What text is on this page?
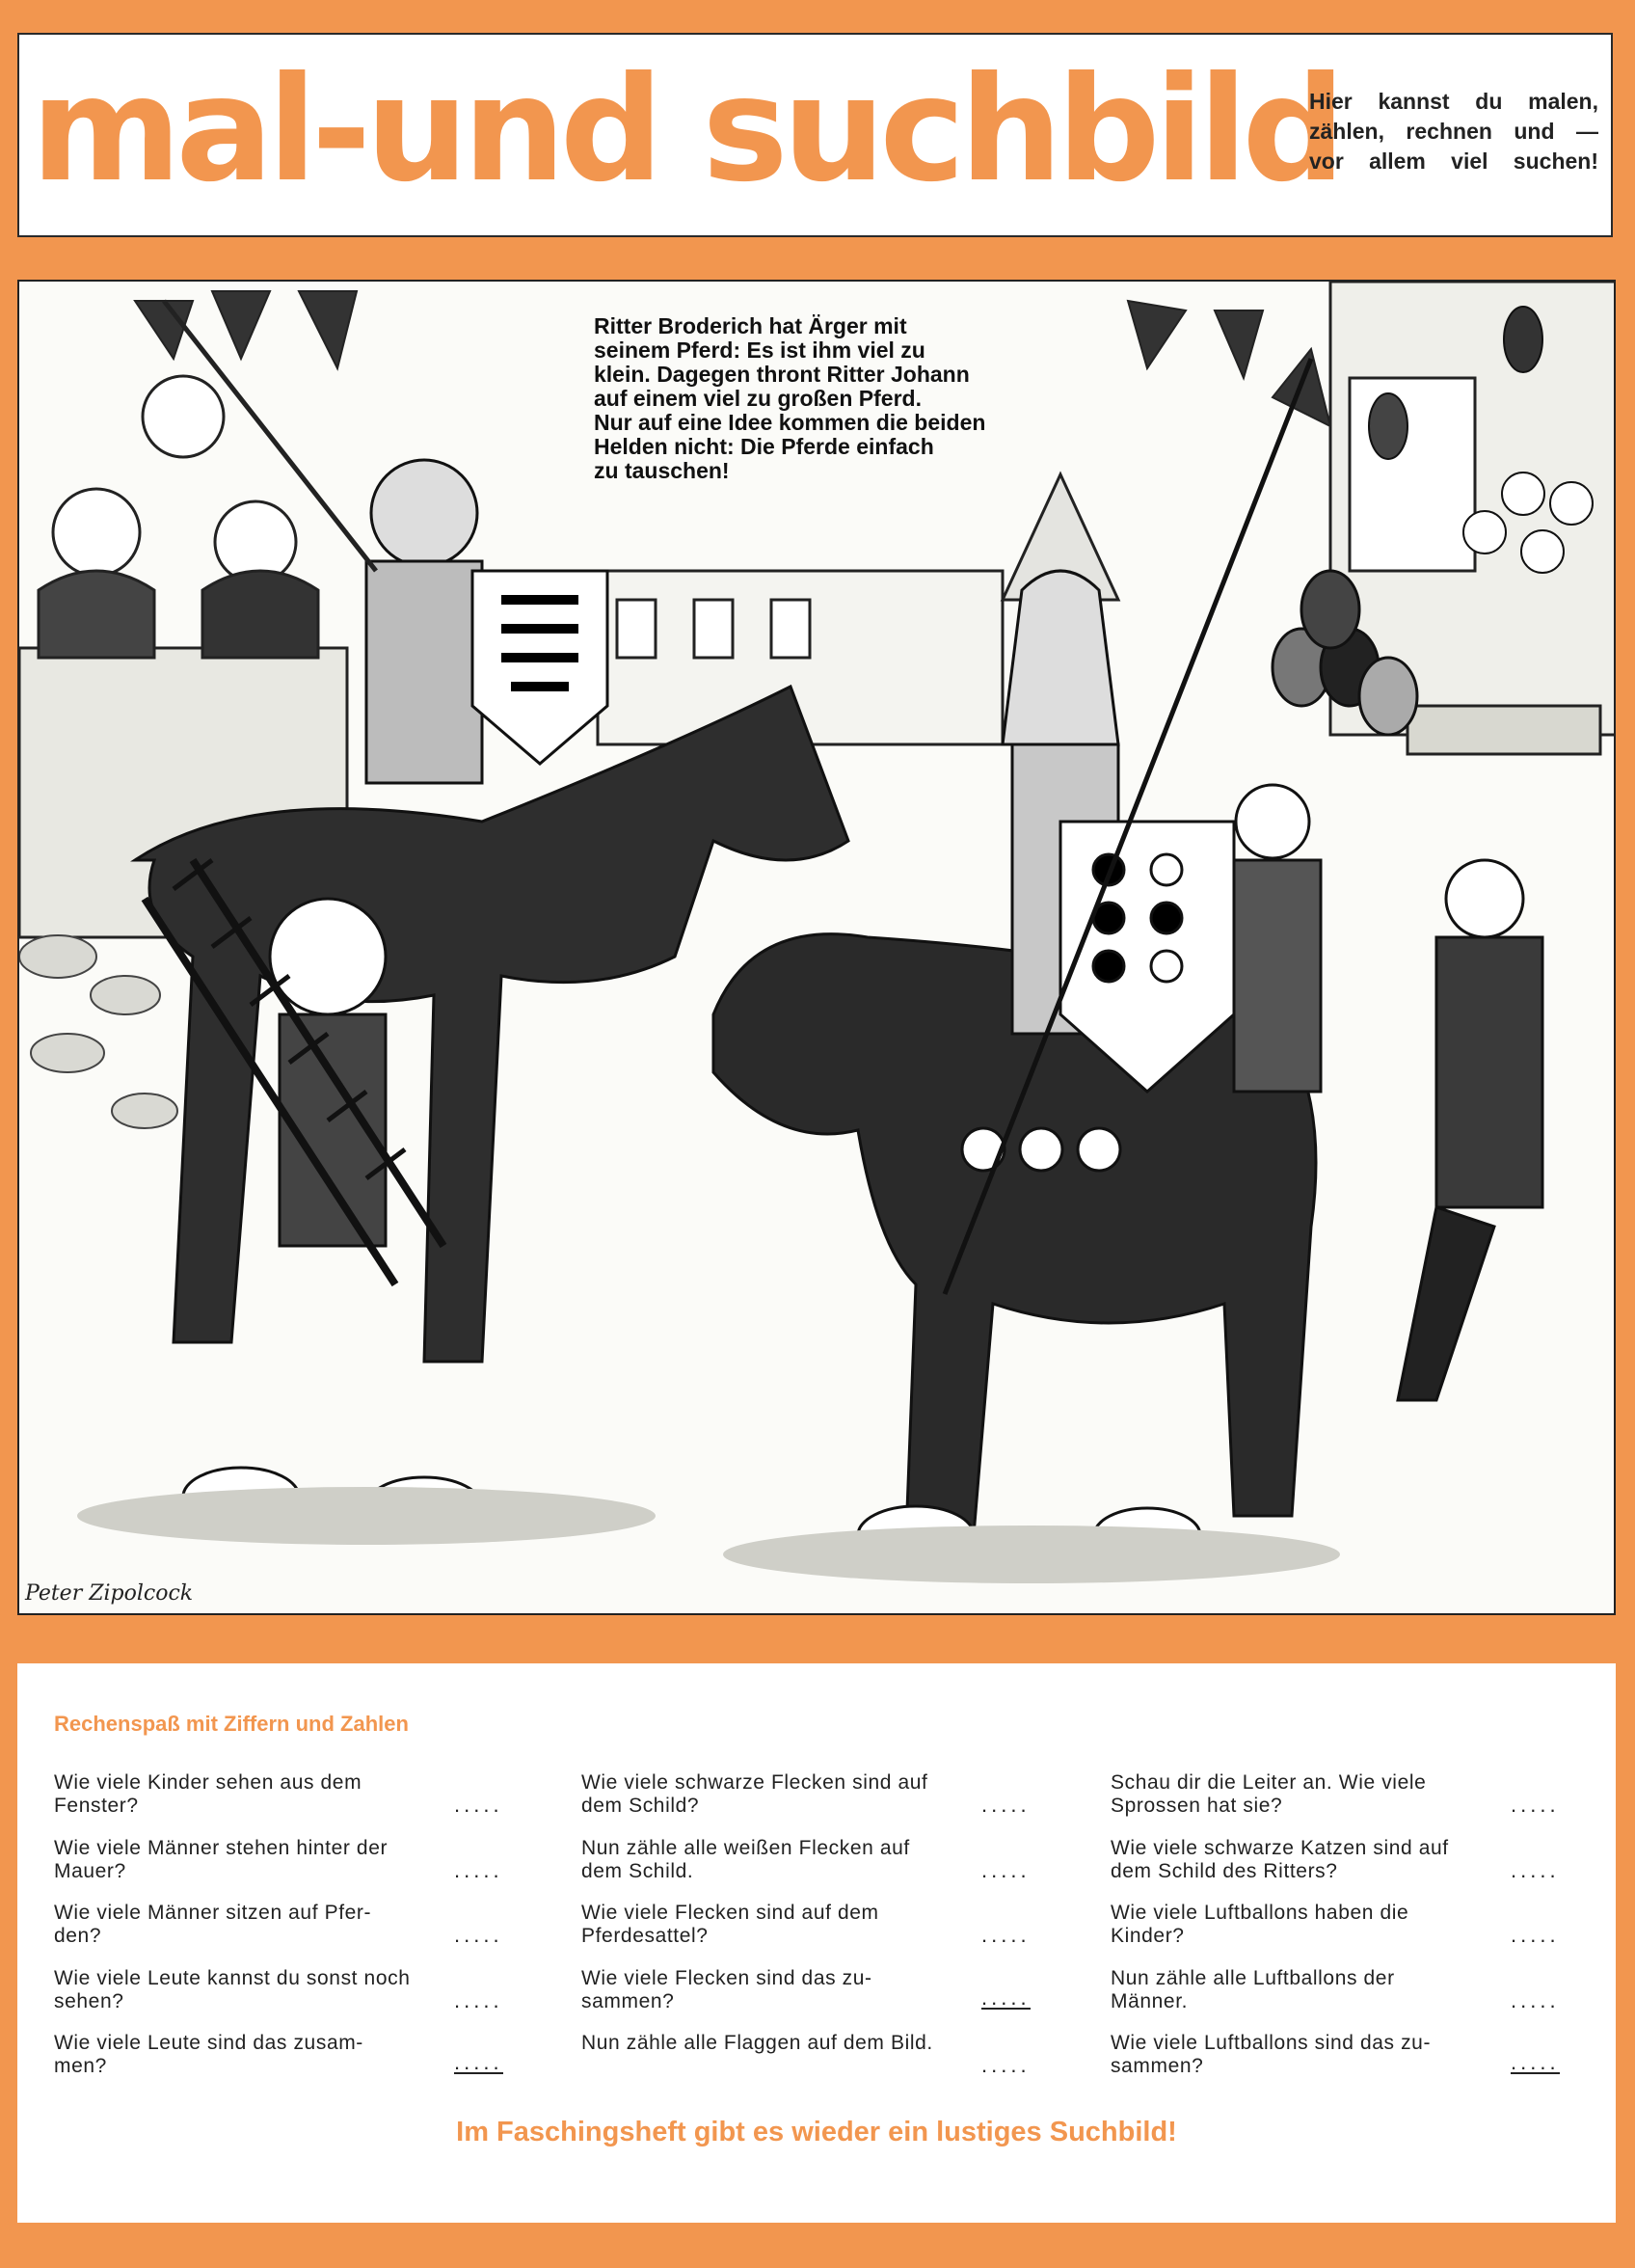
mal-und suchbild
Hier kannst du malen,
zählen, rechnen und —
vor allem viel suchen!
Ritter Broderich hat Ärger mit
seinem Pferd: Es ist ihm viel zu
klein. Dagegen thront Ritter Johann
auf einem viel zu großen Pferd.
Nur auf eine Idee kommen die beiden
Helden nicht: Die Pferde einfach
zu tauschen!
Peter Zipolcock
Rechenspaß mit Ziffern und Zahlen
Wie viele Kinder sehen aus dem Fenster?	.....
Wie viele Männer stehen hinter der Mauer?	.....
Wie viele Männer sitzen auf Pfer-den?	.....
Wie viele Leute kannst du sonst noch sehen?	.....
Wie viele Leute sind das zusam-men?	.....
Wie viele schwarze Flecken sind auf dem Schild?	.....
Nun zähle alle weißen Flecken auf dem Schild.	.....
Wie viele Flecken sind auf dem Pferdesattel?	.....
Wie viele Flecken sind das zu-sammen?	.....
Nun zähle alle Flaggen auf dem Bild.
.....
Schau dir die Leiter an. Wie viele Sprossen hat sie?	.....
Wie viele schwarze Katzen sind auf dem Schild des Ritters?	.....
Wie viele Luftballons haben die Kinder?	.....
Nun zähle alle Luftballons der Männer.	.....
Wie viele Luftballons sind das zu-sammen?	.....
Im Faschingsheft gibt es wieder ein lustiges Suchbild!
